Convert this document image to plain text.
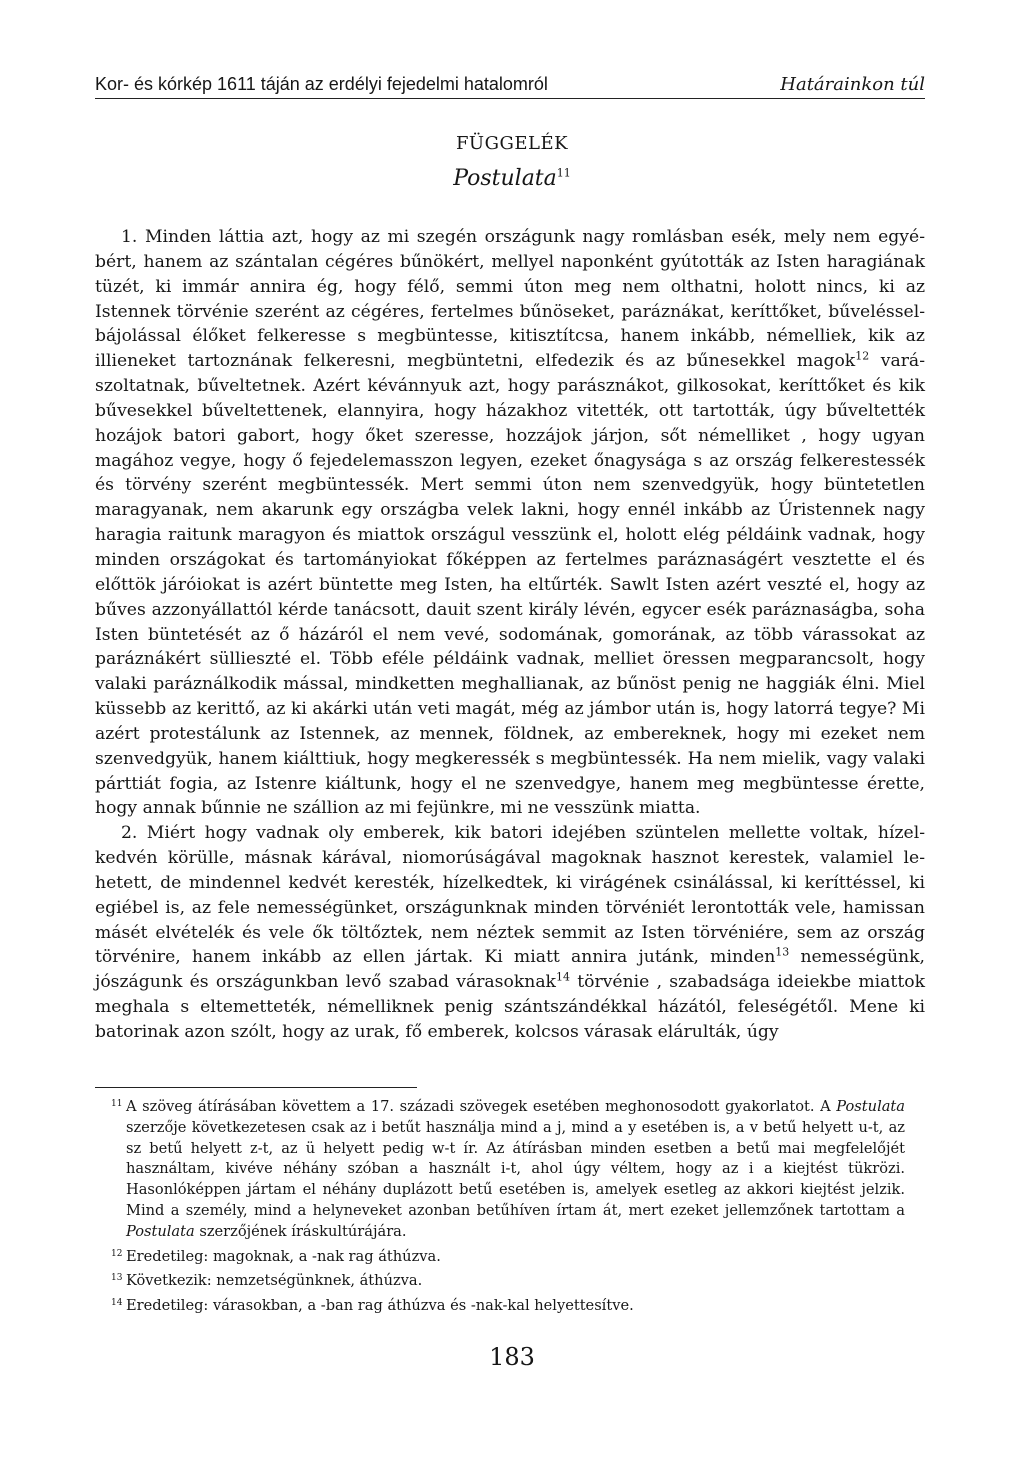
Kor- és kórkép 1611 táján az erdélyi fejedelmi hatalomról	Határainkon túl
FÜGGELÉK
Postulata$^{11}$

1. Minden láttia azt, hogy az mi szegén országunk nagy romlásban esék, mely nem egyébért, hanem az szántalan cégéres bűnökért, mellyel naponként gyútották az Isten haragiának tüzét, ki immár annira ég, hogy félő, semmi úton meg nem olthatni, holott nincs, ki az Istennek törvénie szerént az cégéres, fertelmes bűnöseket, paráznákat, keríttőket, bűveléssel-bájolással élőket felkeresse s megbüntesse, kitisztítcsa, hanem inkább, némelliek, kik az illieneket tartoznának felkeresni, megbüntetni, elfedezik és az bűnesekkel magok$^{12}$ varászoltatnak, bűveltetnek. Azért kévánnyuk azt, hogy parásznákot, gilkosokat, keríttőket és kik bűvesekkel bűveltettenek, elannyira, hogy házakhoz vitették, ott tartották, úgy bűveltették hozájok batori gabort, hogy őket szeresse, hozzájok járjon, sőt némelliket , hogy ugyan magához vegye, hogy ő fejedelemasszon legyen, ezeket őnagysága s az ország felkerestessék és törvény szerént megbüntessék. Mert semmi úton nem szenvedgyük, hogy büntetetlen maragyanak, nem akarunk egy országba velek lakni, hogy ennél inkább az Úristennek nagy haragia raitunk maragyon és miattok országul vesszünk el, holott elég példáink vadnak, hogy minden országokat és tartományiokat főképpen az fertelmes paráznaságért vesztette el és előttök járóiokat is azért büntette meg Isten, ha eltűrték. Sawlt Isten azért veszté el, hogy az bűves azzonyállattól kérde tanácsott, dauit szent király lévén, egycer esék paráznaságba, soha Isten büntetését az ő házáról el nem vevé, sodomának, gomorának, az több várassokat az paráznákért süllieszté el. Több eféle példáink vadnak, melliet öressen megparancsolt, hogy valaki paráználkodik mással, mindketten meghallianak, az bűnöst penig ne haggiák élni. Miel küssebb az kerittő, az ki akárki után veti magát, még az jámbor után is, hogy latorrá tegye? Mi azért protestálunk az Istennek, az mennek, földnek, az embereknek, hogy mi ezeket nem szenvedgyük, hanem kiálttiuk, hogy megkeressék s megbüntessék. Ha nem mielik, vagy valaki párttiát fogia, az Istenre kiáltunk, hogy el ne szenvedgye, hanem meg megbüntesse érette, hogy annak bűnnie ne szállion az mi fejünkre, mi ne vesszünk miatta.

2. Miért hogy vadnak oly emberek, kik batori idejében szüntelen mellette voltak, hízelkedvén körülle, másnak kárával, niomorúságával magoknak hasznot kerestek, valamiel lehetett, de mindennel kedvét keresték, hízelkedtek, ki virágének csinálással, ki keríttéssel, ki egiébel is, az fele nemességünket, országunknak minden törvéniét lerontották vele, hamissan másét elvételék és vele ők töltőztek, nem néztek semmit az Isten törvéniére, sem az ország törvénire, hanem inkább az ellen jártak. Ki miatt annira jutánk, minden$^{13}$ nemességünk, jószágunk és országunkban levő szabad várasoknak$^{14}$ törvénie , szabadsága ideiekbe miattok meghala s eltemetteték, némelliknek penig szántszándékkal házától, feleségétől. Mene ki batorinak azon szólt, hogy az urak, fő emberek, kolcsos várasak elárulták, úgy

11 A szöveg átírásában követtem a 17. századi szövegek esetében meghonosodott gyakorlatot. A Postulata szerzője következetesen csak az i betűt használja mind a j, mind a y esetében is, a v betű helyett u-t, az sz betű helyett z-t, az ü helyett pedig w-t ír. Az átírásban minden esetben a betű mai megfelelőjét használtam, kivéve néhány szóban a használt i-t, ahol úgy véltem, hogy az i a kiejtést tükrözi. Hasonlóképpen jártam el néhány duplázott betű esetében is, amelyek esetleg az akkori kiejtést jelzik. Mind a személy, mind a helyneveket azonban betűhíven írtam át, mert ezeket jellemzőnek tartottam a Postulata szerzőjének íráskultúrájára.
12 Eredetileg: magoknak, a -nak rag áthúzva.
13 Következik: nemzetségünknek, áthúzva.
14 Eredetileg: várasokban, a -ban rag áthúzva és -nak-kal helyettesítve.
183
